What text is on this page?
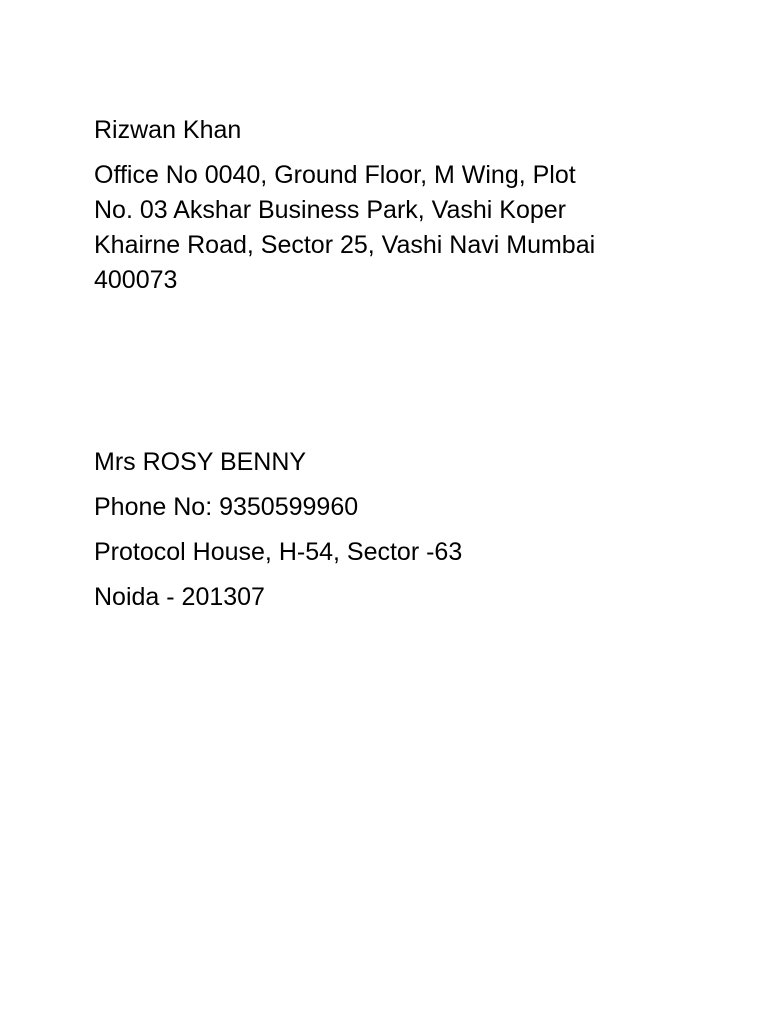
Rizwan Khan
Office No 0040, Ground Floor, M Wing, Plot
No. 03 Akshar Business Park, Vashi Koper
Khairne Road, Sector 25, Vashi Navi Mumbai
400073
Mrs ROSY BENNY
Phone No: 9350599960
Protocol House, H-54, Sector -63
Noida - 201307
